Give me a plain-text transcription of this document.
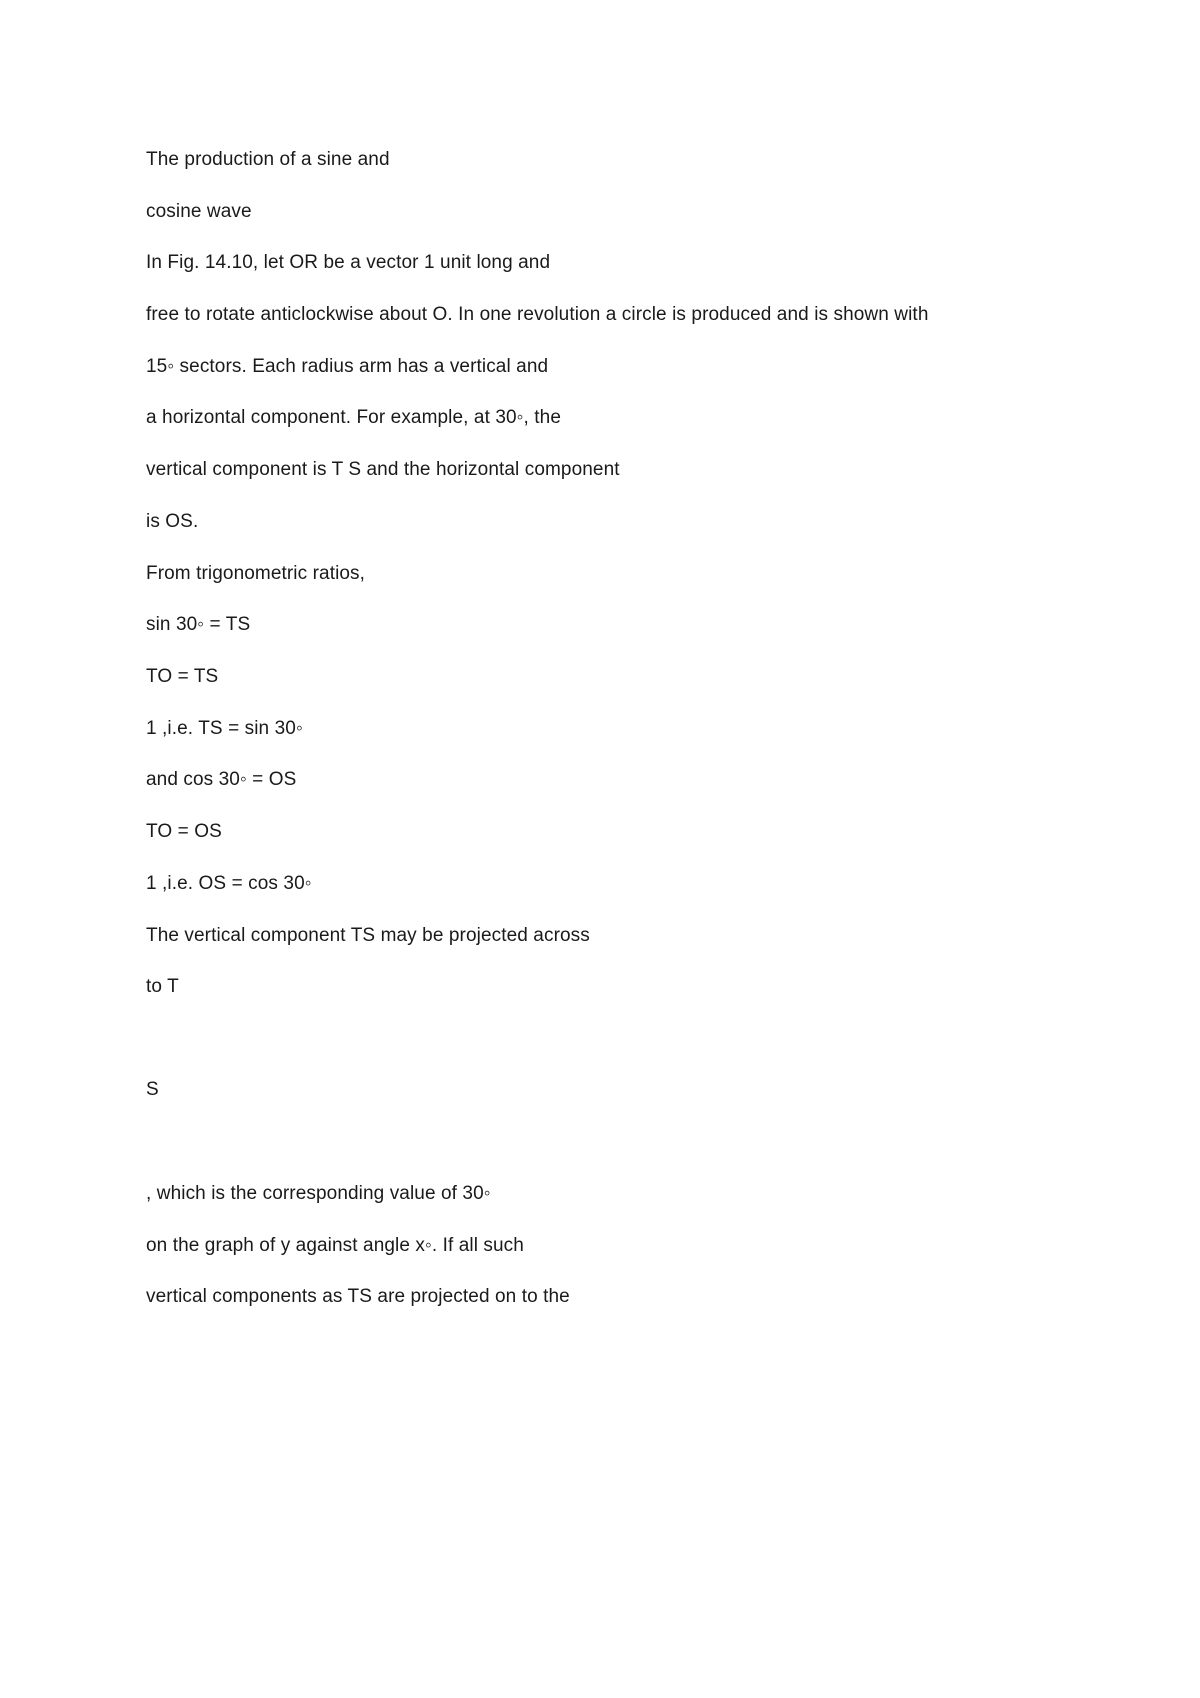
The production of a sine and
cosine wave
In Fig. 14.10, let OR be a vector 1 unit long and
free to rotate anticlockwise about O. In one revolution a circle is produced and is shown with
15◦ sectors. Each radius arm has a vertical and
a horizontal component. For example, at 30◦, the
vertical component is T S and the horizontal component
is OS.
From trigonometric ratios,
sin 30◦ = TS
TO = TS
1 ,i.e. TS = sin 30◦
and cos 30◦ = OS
TO = OS
1 ,i.e. OS = cos 30◦
The vertical component TS may be projected across
to T
S
, which is the corresponding value of 30◦
on the graph of y against angle x◦. If all such
vertical components as TS are projected on to the
